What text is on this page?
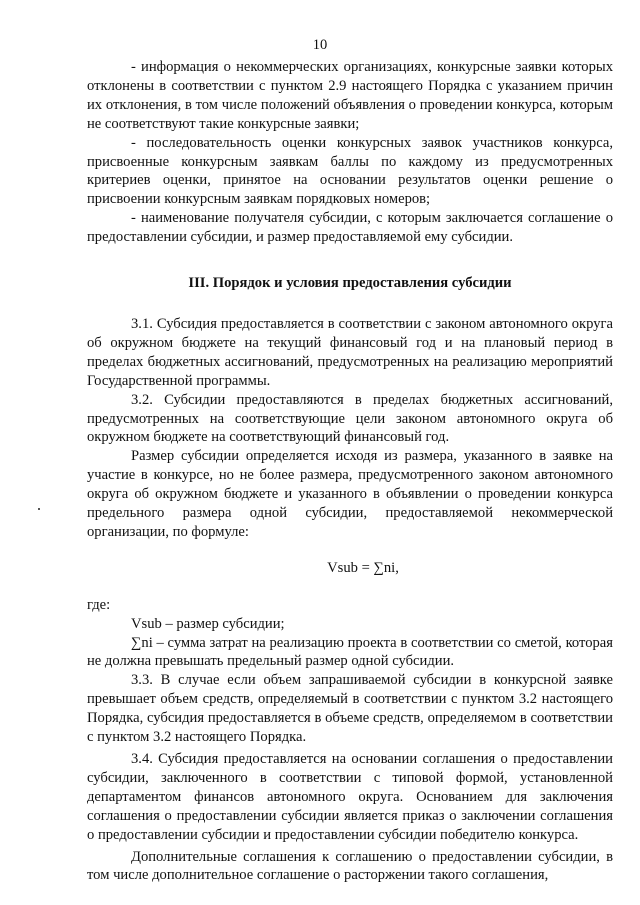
10

- информация о некоммерческих организациях, конкурсные заявки которых отклонены в соответствии с пунктом 2.9 настоящего Порядка с указанием причин их отклонения, в том числе положений объявления о проведении конкурса, которым не соответствуют такие конкурсные заявки;

- последовательность оценки конкурсных заявок участников конкурса, присвоенные конкурсным заявкам баллы по каждому из предусмотренных критериев оценки, принятое на основании результатов оценки решение о присвоении конкурсным заявкам порядковых номеров;

- наименование получателя субсидии, с которым заключается соглашение о предоставлении субсидии, и размер предоставляемой ему субсидии.

III. Порядок и условия предоставления субсидии

3.1. Субсидия предоставляется в соответствии с законом автономного округа об окружном бюджете на текущий финансовый год и на плановый период в пределах бюджетных ассигнований, предусмотренных на реализацию мероприятий Государственной программы.

3.2. Субсидии предоставляются в пределах бюджетных ассигнований, предусмотренных на соответствующие цели законом автономного округа об окружном бюджете на соответствующий финансовый год.

Размер субсидии определяется исходя из размера, указанного в заявке на участие в конкурсе, но не более размера, предусмотренного законом автономного округа об окружном бюджете и указанного в объявлении о проведении конкурса предельного размера одной субсидии, предоставляемой некоммерческой организации, по формуле:

Vsub = ∑ni,

где:

Vsub – размер субсидии;

∑ni – сумма затрат на реализацию проекта в соответствии со сметой, которая не должна превышать предельный размер одной субсидии.

3.3. В случае если объем запрашиваемой субсидии в конкурсной заявке превышает объем средств, определяемый в соответствии с пунктом 3.2 настоящего Порядка, субсидия предоставляется в объеме средств, определяемом в соответствии с пунктом 3.2 настоящего Порядка.

3.4. Субсидия предоставляется на основании соглашения о предоставлении субсидии, заключенного в соответствии с типовой формой, установленной департаментом финансов автономного округа. Основанием для заключения соглашения о предоставлении субсидии является приказ о заключении соглашения о предоставлении субсидии и предоставлении субсидии победителю конкурса.

Дополнительные соглашения к соглашению о предоставлении субсидии, в том числе дополнительное соглашение о расторжении такого соглашения,
